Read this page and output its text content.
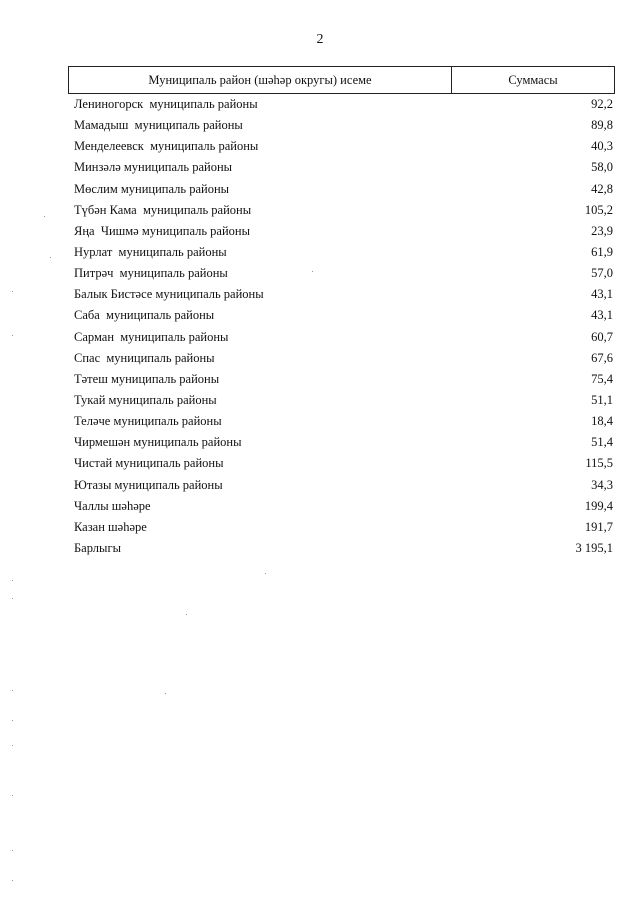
2
Муниципаль район (шәһәр округы) исеме	Суммасы
Лениногорск  муниципаль районы	92,2
Мамадыш  муниципаль районы	89,8
Менделеевск  муниципаль районы	40,3
Минзәлә муниципаль районы	58,0
Мөслим муниципаль районы	42,8
Түбән Кама  муниципаль районы	105,2
Яңа  Чишмә муниципаль районы	23,9
Нурлат  муниципаль районы	61,9
Питрәч  муниципаль районы	57,0
Балык Бистәсе муниципаль районы	43,1
Саба  муниципаль районы	43,1
Сарман  муниципаль районы	60,7
Спас  муниципаль районы	67,6
Тәтеш муниципаль районы	75,4
Тукай муниципаль районы	51,1
Теләче муниципаль районы	18,4
Чирмешән муниципаль районы	51,4
Чистай муниципаль районы	115,5
Ютазы муниципаль районы	34,3
Чаллы шәһәре	199,4
Казан шәһәре	191,7
Барлыгы	3 195,1
